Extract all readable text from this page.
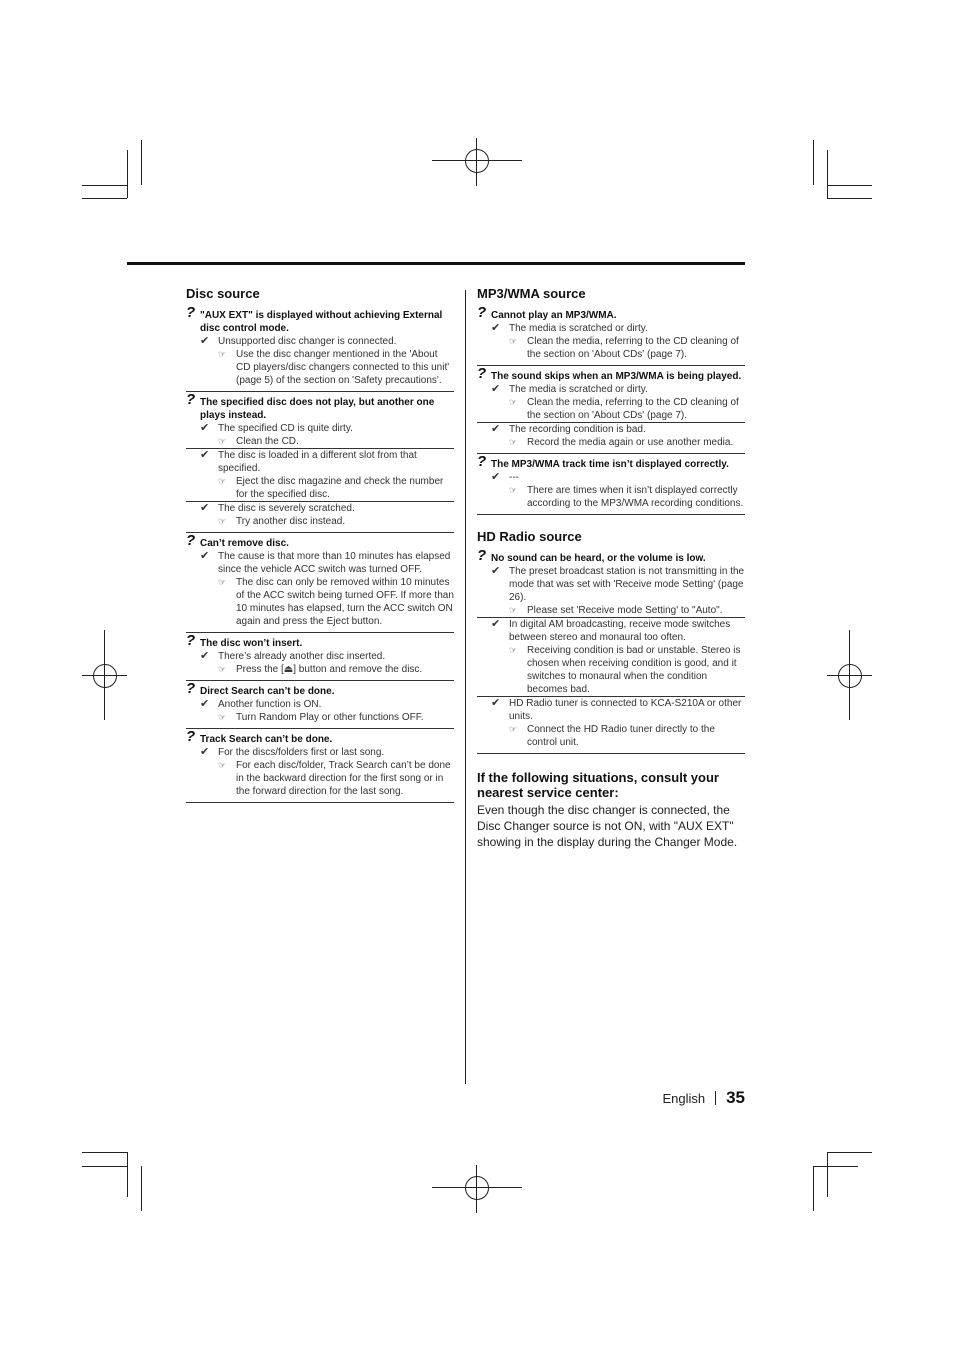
Disc source
? "AUX EXT" is displayed without achieving External disc control mode.
✔ Unsupported disc changer is connected.
☞ Use the disc changer mentioned in the 'About CD players/disc changers connected to this unit' (page 5) of the section on 'Safety precautions'.
? The specified disc does not play, but another one plays instead.
✔ The specified CD is quite dirty.
☞ Clean the CD.
✔ The disc is loaded in a different slot from that specified.
☞ Eject the disc magazine and check the number for the specified disc.
✔ The disc is severely scratched.
☞ Try another disc instead.
? Can’t remove disc.
✔ The cause is that more than 10 minutes has elapsed since the vehicle ACC switch was turned OFF.
☞ The disc can only be removed within 10 minutes of the ACC switch being turned OFF. If more than 10 minutes has elapsed, turn the ACC switch ON again and press the Eject button.
? The disc won’t insert.
✔ There’s already another disc inserted.
☞ Press the [⏏] button and remove the disc.
? Direct Search can’t be done.
✔ Another function is ON.
☞ Turn Random Play or other functions OFF.
? Track Search can’t be done.
✔ For the discs/folders first or last song.
☞ For each disc/folder, Track Search can’t be done in the backward direction for the first song or in the forward direction for the last song.
MP3/WMA source
? Cannot play an MP3/WMA.
✔ The media is scratched or dirty.
☞ Clean the media, referring to the CD cleaning of the section on 'About CDs' (page 7).
? The sound skips when an MP3/WMA is being played.
✔ The media is scratched or dirty.
☞ Clean the media, referring to the CD cleaning of the section on 'About CDs' (page 7).
✔ The recording condition is bad.
☞ Record the media again or use another media.
? The MP3/WMA track time isn’t displayed correctly.
✔ ---
☞ There are times when it isn’t displayed correctly according to the MP3/WMA recording conditions.
HD Radio source
? No sound can be heard, or the volume is low.
✔ The preset broadcast station is not transmitting in the mode that was set with 'Receive mode Setting' (page 26).
☞ Please set 'Receive mode Setting' to "Auto".
✔ In digital AM broadcasting, receive mode switches between stereo and monaural too often.
☞ Receiving condition is bad or unstable. Stereo is chosen when receiving condition is good, and it switches to monaural when the condition becomes bad.
✔ HD Radio tuner is connected to KCA-S210A or other units.
☞ Connect the HD Radio tuner directly to the control unit.
If the following situations, consult your nearest service center:
Even though the disc changer is connected, the Disc Changer source is not ON, with "AUX EXT" showing in the display during the Changer Mode.
English 35
